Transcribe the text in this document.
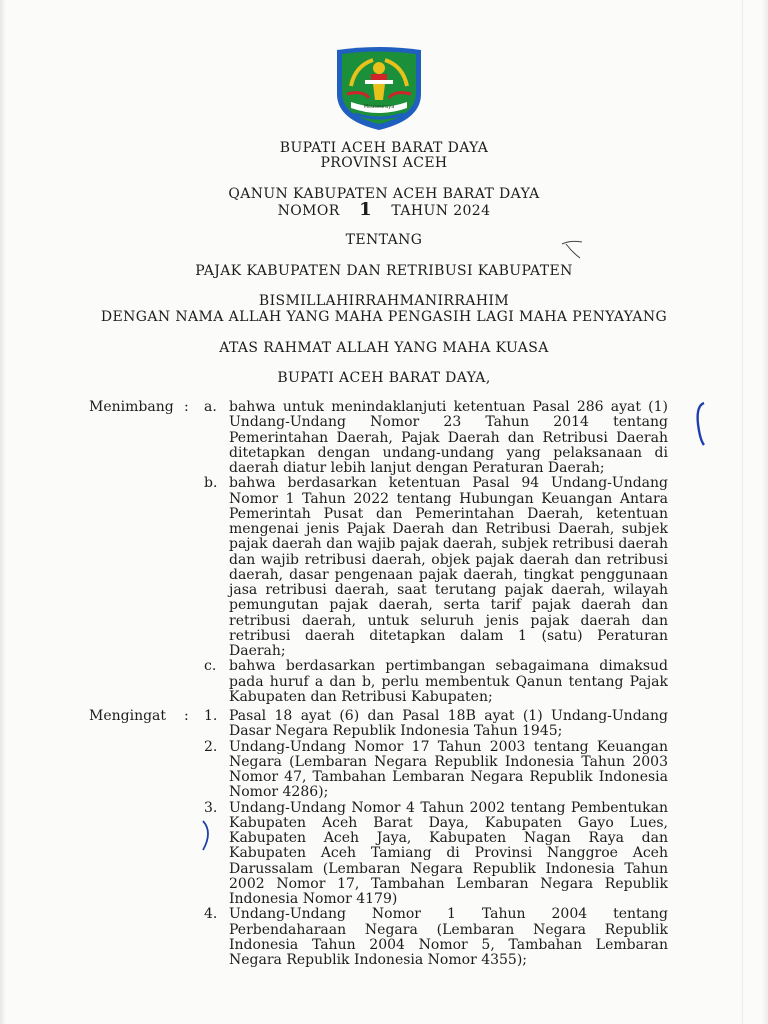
Meuseuraya
BUPATI ACEH BARAT DAYA
PROVINSI ACEH
QANUN KABUPATEN ACEH BARAT DAYA
NOMOR 1 TAHUN 2024
TENTANG
PAJAK KABUPATEN DAN RETRIBUSI KABUPATEN
BISMILLAHIRRAHMANIRRAHIM
DENGAN NAMA ALLAH YANG MAHA PENGASIH LAGI MAHA PENYAYANG
ATAS RAHMAT ALLAH YANG MAHA KUASA
BUPATI ACEH BARAT DAYA,
Menimbang : a. bahwa untuk menindaklanjuti ketentuan Pasal 286 ayat (1) Undang-Undang Nomor 23 Tahun 2014 tentang Pemerintahan Daerah, Pajak Daerah dan Retribusi Daerah ditetapkan dengan undang-undang yang pelaksanaan di daerah diatur lebih lanjut dengan Peraturan Daerah;
b. bahwa berdasarkan ketentuan Pasal 94 Undang-Undang Nomor 1 Tahun 2022 tentang Hubungan Keuangan Antara Pemerintah Pusat dan Pemerintahan Daerah, ketentuan mengenai jenis Pajak Daerah dan Retribusi Daerah, subjek pajak daerah dan wajib pajak daerah, subjek retribusi daerah dan wajib retribusi daerah, objek pajak daerah dan retribusi daerah, dasar pengenaan pajak daerah, tingkat penggunaan jasa retribusi daerah, saat terutang pajak daerah, wilayah pemungutan pajak daerah, serta tarif pajak daerah dan retribusi daerah, untuk seluruh jenis pajak daerah dan retribusi daerah ditetapkan dalam 1 (satu) Peraturan Daerah;
c. bahwa berdasarkan pertimbangan sebagaimana dimaksud pada huruf a dan b, perlu membentuk Qanun tentang Pajak Kabupaten dan Retribusi Kabupaten;
Mengingat : 1. Pasal 18 ayat (6) dan Pasal 18B ayat (1) Undang-Undang Dasar Negara Republik Indonesia Tahun 1945;
2. Undang-Undang Nomor 17 Tahun 2003 tentang Keuangan Negara (Lembaran Negara Republik Indonesia Tahun 2003 Nomor 47, Tambahan Lembaran Negara Republik Indonesia Nomor 4286);
3. Undang-Undang Nomor 4 Tahun 2002 tentang Pembentukan Kabupaten Aceh Barat Daya, Kabupaten Gayo Lues, Kabupaten Aceh Jaya, Kabupaten Nagan Raya dan Kabupaten Aceh Tamiang di Provinsi Nanggroe Aceh Darussalam (Lembaran Negara Republik Indonesia Tahun 2002 Nomor 17, Tambahan Lembaran Negara Republik Indonesia Nomor 4179)
4. Undang-Undang Nomor 1 Tahun 2004 tentang Perbendaharaan Negara (Lembaran Negara Republik Indonesia Tahun 2004 Nomor 5, Tambahan Lembaran Negara Republik Indonesia Nomor 4355);
